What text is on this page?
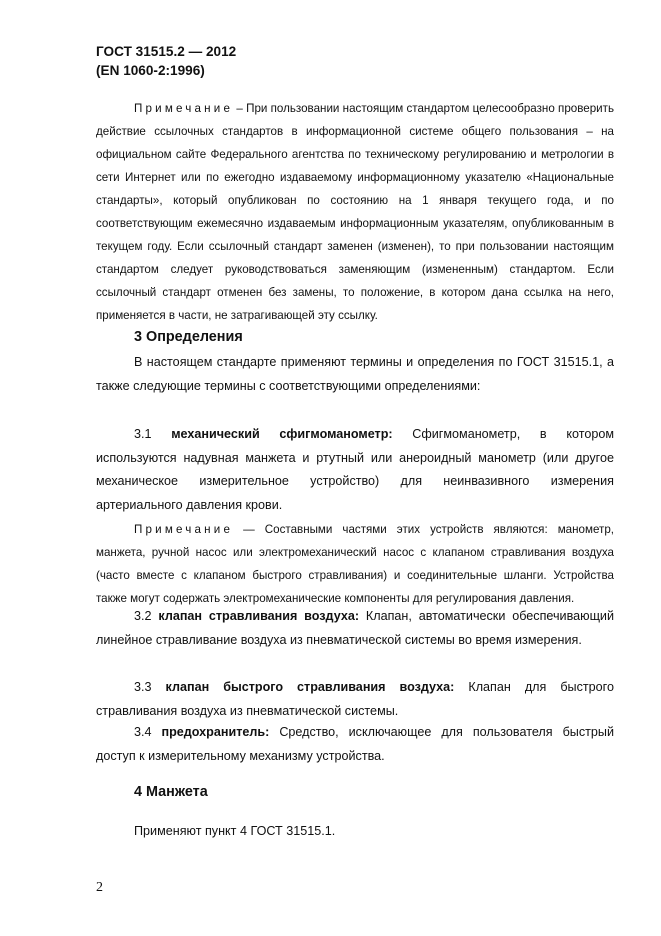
ГОСТ 31515.2 — 2012
(EN 1060-2:1996)

Примечание – При пользовании настоящим стандартом целесообразно проверить действие ссылочных стандартов в информационной системе общего пользования – на официальном сайте Федерального агентства по техническому регулированию и метрологии в сети Интернет или по ежегодно издаваемому информационному указателю «Национальные стандарты», который опубликован по состоянию на 1 января текущего года, и по соответствующим ежемесячно издаваемым информационным указателям, опубликованным в текущем году. Если ссылочный стандарт заменен (изменен), то при пользовании настоящим стандартом следует руководствоваться заменяющим (измененным) стандартом. Если ссылочный стандарт отменен без замены, то положение, в котором дана ссылка на него, применяется в части, не затрагивающей эту ссылку.

3 Определения

В настоящем стандарте применяют термины и определения по ГОСТ 31515.1, а также следующие термины с соответствующими определениями:

3.1 механический сфигмоманометр: Сфигмоманометр, в котором используются надувная манжета и ртутный или анероидный манометр (или другое механическое измерительное устройство) для неинвазивного измерения артериального давления крови.

Примечание — Составными частями этих устройств являются: манометр, манжета, ручной насос или электромеханический насос с клапаном стравливания воздуха (часто вместе с клапаном быстрого стравливания) и соединительные шланги. Устройства также могут содержать электромеханические компоненты для регулирования давления.

3.2 клапан стравливания воздуха: Клапан, автоматически обеспечивающий линейное стравливание воздуха из пневматической системы во время измерения.

3.3 клапан быстрого стравливания воздуха: Клапан для быстрого стравливания воздуха из пневматической системы.

3.4 предохранитель: Средство, исключающее для пользователя быстрый доступ к измерительному механизму устройства.

4 Манжета

Применяют пункт 4 ГОСТ 31515.1.

2
